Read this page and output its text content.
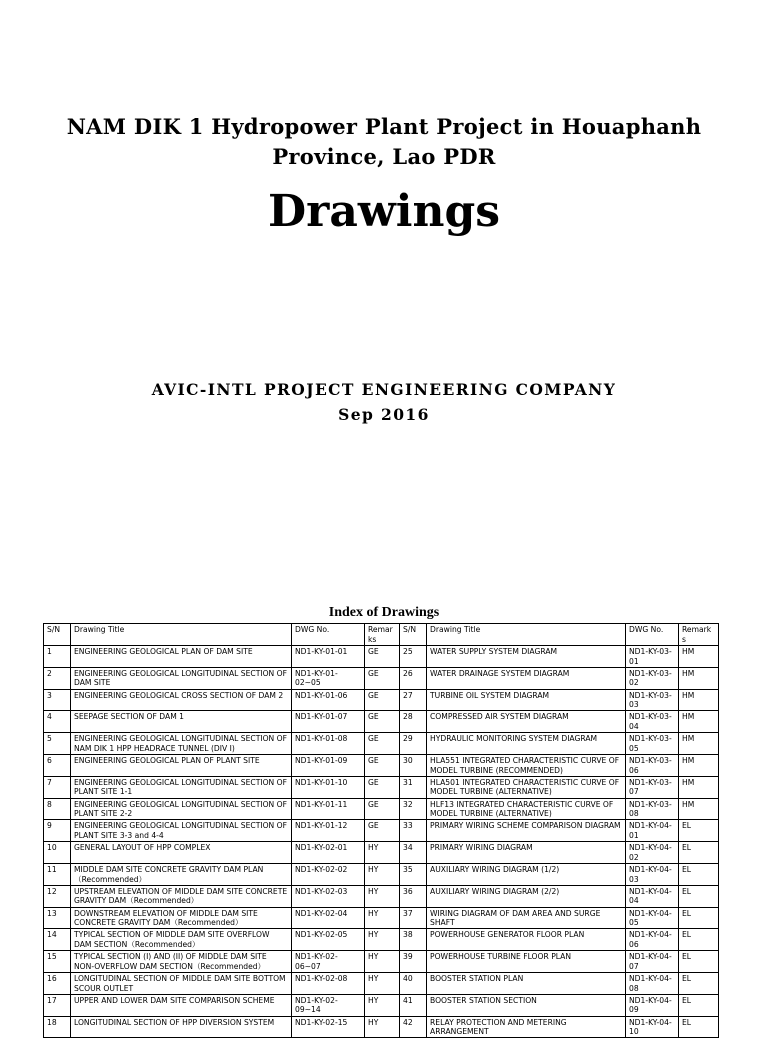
NAM DIK 1 Hydropower Plant Project in Houaphanh
Province, Lao PDR
Drawings
AVIC-INTL PROJECT ENGINEERING COMPANY
Sep 2016
Index of Drawings
S/N	Drawing Title	DWG No.	Remarks	S/N	Drawing Title	DWG No.	Remarks
1	ENGINEERING GEOLOGICAL PLAN OF DAM SITE	ND1-KY-01-01	GE	25	WATER SUPPLY SYSTEM DIAGRAM	ND1-KY-03-01	HM
2	ENGINEERING GEOLOGICAL LONGITUDINAL SECTION OF DAM SITE	ND1-KY-01-02~05	GE	26	WATER DRAINAGE SYSTEM DIAGRAM	ND1-KY-03-02	HM
3	ENGINEERING GEOLOGICAL CROSS SECTION OF DAM 2	ND1-KY-01-06	GE	27	TURBINE OIL SYSTEM DIAGRAM	ND1-KY-03-03	HM
4	SEEPAGE SECTION OF DAM 1	ND1-KY-01-07	GE	28	COMPRESSED AIR SYSTEM DIAGRAM	ND1-KY-03-04	HM
5	ENGINEERING GEOLOGICAL LONGITUDINAL SECTION OF NAM DIK 1 HPP HEADRACE TUNNEL (DIV I)	ND1-KY-01-08	GE	29	HYDRAULIC MONITORING SYSTEM DIAGRAM	ND1-KY-03-05	HM
6	ENGINEERING GEOLOGICAL PLAN OF PLANT SITE	ND1-KY-01-09	GE	30	HLA551 INTEGRATED CHARACTERISTIC CURVE OF MODEL TURBINE (RECOMMENDED)	ND1-KY-03-06	HM
7	ENGINEERING GEOLOGICAL LONGITUDINAL SECTION OF PLANT SITE 1-1	ND1-KY-01-10	GE	31	HLA501 INTEGRATED CHARACTERISTIC CURVE OF MODEL TURBINE (ALTERNATIVE)	ND1-KY-03-07	HM
8	ENGINEERING GEOLOGICAL LONGITUDINAL SECTION OF PLANT SITE 2-2	ND1-KY-01-11	GE	32	HLF13 INTEGRATED CHARACTERISTIC CURVE OF MODEL TURBINE (ALTERNATIVE)	ND1-KY-03-08	HM
9	ENGINEERING GEOLOGICAL LONGITUDINAL SECTION OF PLANT SITE 3-3 and 4-4	ND1-KY-01-12	GE	33	PRIMARY WIRING SCHEME COMPARISON DIAGRAM	ND1-KY-04-01	EL
10	GENERAL LAYOUT OF HPP COMPLEX	ND1-KY-02-01	HY	34	PRIMARY WIRING DIAGRAM	ND1-KY-04-02	EL
11	MIDDLE DAM SITE CONCRETE GRAVITY DAM PLAN（Recommended）	ND1-KY-02-02	HY	35	AUXILIARY WIRING DIAGRAM (1/2)	ND1-KY-04-03	EL
12	UPSTREAM ELEVATION OF MIDDLE DAM SITE CONCRETE GRAVITY DAM（Recommended）	ND1-KY-02-03	HY	36	AUXILIARY WIRING DIAGRAM (2/2)	ND1-KY-04-04	EL
13	DOWNSTREAM ELEVATION OF MIDDLE DAM SITE CONCRETE GRAVITY DAM（Recommended）	ND1-KY-02-04	HY	37	WIRING DIAGRAM OF DAM AREA AND SURGE SHAFT	ND1-KY-04-05	EL
14	TYPICAL SECTION OF MIDDLE DAM SITE OVERFLOW DAM SECTION（Recommended）	ND1-KY-02-05	HY	38	POWERHOUSE GENERATOR FLOOR PLAN	ND1-KY-04-06	EL
15	TYPICAL SECTION (I) AND (II) OF MIDDLE DAM SITE NON-OVERFLOW DAM SECTION（Recommended）	ND1-KY-02-06~07	HY	39	POWERHOUSE TURBINE FLOOR PLAN	ND1-KY-04-07	EL
16	LONGITUDINAL SECTION OF MIDDLE DAM SITE BOTTOM SCOUR OUTLET	ND1-KY-02-08	HY	40	BOOSTER STATION PLAN	ND1-KY-04-08	EL
17	UPPER AND LOWER DAM SITE COMPARISON SCHEME	ND1-KY-02-09~14	HY	41	BOOSTER STATION SECTION	ND1-KY-04-09	EL
18	LONGITUDINAL SECTION OF HPP DIVERSION SYSTEM	ND1-KY-02-15	HY	42	RELAY PROTECTION AND METERING ARRANGEMENT	ND1-KY-04-10	EL
